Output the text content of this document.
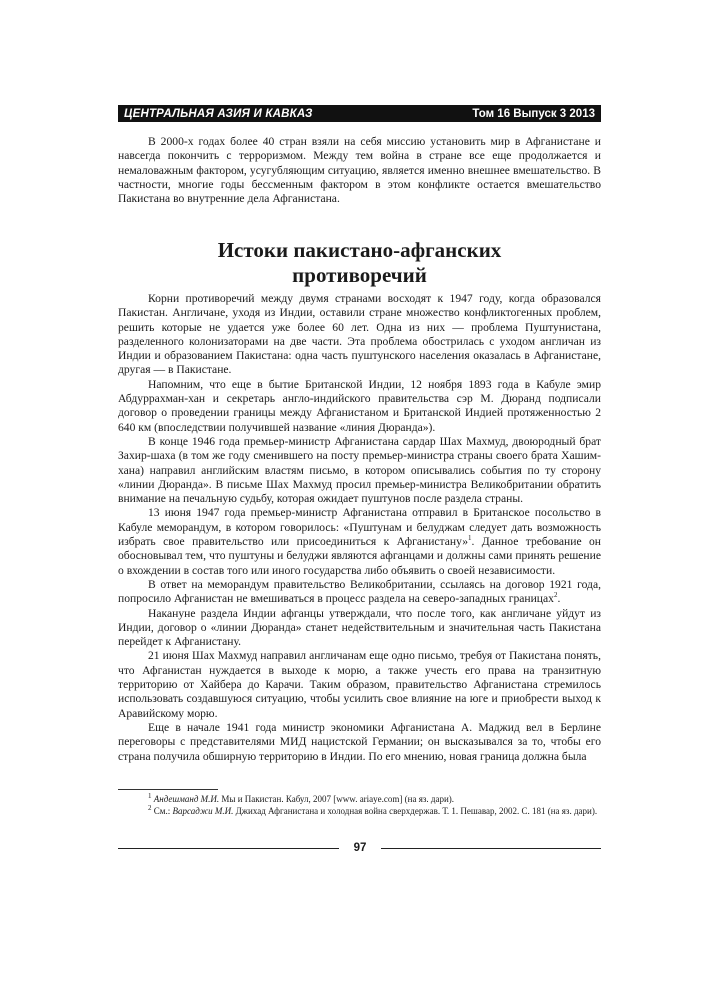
ЦЕНТРАЛЬНАЯ АЗИЯ И КАВКАЗ	Том 16 Выпуск 3 2013

В 2000-х годах более 40 стран взяли на себя миссию установить мир в Афганистане и навсегда покончить с терроризмом. Между тем война в стране все еще продолжается и немаловажным фактором, усугубляющим ситуацию, является именно внешнее вмешательство. В частности, многие годы бессменным фактором в этом конфликте остается вмешательство Пакистана во внутренние дела Афганистана.

Истоки пакистано-афганских
противоречий

Корни противоречий между двумя странами восходят к 1947 году, когда образовался Пакистан. Англичане, уходя из Индии, оставили стране множество конфликтогенных проблем, решить которые не удается уже более 60 лет. Одна из них — проблема Пуштунистана, разделенного колонизаторами на две части. Эта проблема обострилась с уходом англичан из Индии и образованием Пакистана: одна часть пуштунского населения оказалась в Афганистане, другая — в Пакистане.

Напомним, что еще в бытие Британской Индии, 12 ноября 1893 года в Кабуле эмир Абдуррахман-хан и секретарь англо-индийского правительства сэр М. Дюранд подписали договор о проведении границы между Афганистаном и Британской Индией протяженностью 2 640 км (впоследствии получившей название «линия Дюранда»).

В конце 1946 года премьер-министр Афганистана сардар Шах Махмуд, двоюродный брат Захир-шаха (в том же году сменившего на посту премьер-министра страны своего брата Хашим-хана) направил английским властям письмо, в котором описывались события по ту сторону «линии Дюранда». В письме Шах Махмуд просил премьер-министра Великобритании обратить внимание на печальную судьбу, которая ожидает пуштунов после раздела страны.

13 июня 1947 года премьер-министр Афганистана отправил в Британское посольство в Кабуле меморандум, в котором говорилось: «Пуштунам и белуджам следует дать возможность избрать свое правительство или присоединиться к Афганистану»$^1$. Данное требование он обосновывал тем, что пуштуны и белуджи являются афганцами и должны сами принять решение о вхождении в состав того или иного государства либо объявить о своей независимости.

В ответ на меморандум правительство Великобритании, ссылаясь на договор 1921 года, попросило Афганистан не вмешиваться в процесс раздела на северо-западных границах$^2$.

Накануне раздела Индии афганцы утверждали, что после того, как англичане уйдут из Индии, договор о «линии Дюранда» станет недействительным и значительная часть Пакистана перейдет к Афганистану.

21 июня Шах Махмуд направил англичанам еще одно письмо, требуя от Пакистана понять, что Афганистан нуждается в выходе к морю, а также учесть его права на транзитную территорию от Хайбера до Карачи. Таким образом, правительство Афганистана стремилось использовать создавшуюся ситуацию, чтобы усилить свое влияние на юге и приобрести выход к Аравийскому морю.

Еще в начале 1941 года министр экономики Афганистана А. Маджид вел в Берлине переговоры с представителями МИД нацистской Германии; он высказывался за то, чтобы его страна получила обширную территорию в Индии. По его мнению, новая граница должна была

$^1$ Андешманд М.И. Мы и Пакистан. Кабул, 2007 [www. ariaye.com] (на яз. дари).

$^2$ См.: Варсаджи М.И. Джихад Афганистана и холодная война сверхдержав. Т. 1. Пешавар, 2002. С. 181 (на яз. дари).

97
